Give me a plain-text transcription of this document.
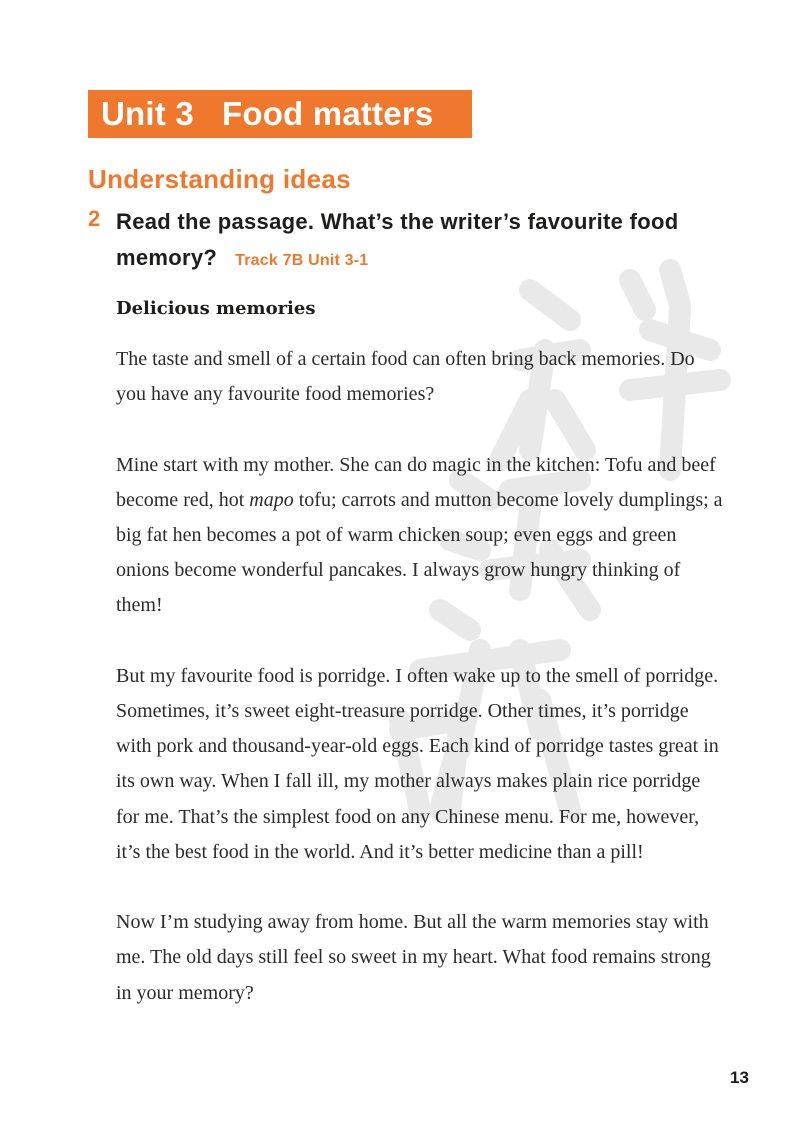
Unit 3   Food matters
Understanding ideas
2 Read the passage. What’s the writer’s favourite food memory? Track 7B Unit 3-1
Delicious memories

The taste and smell of a certain food can often bring back memories. Do you have any favourite food memories?

Mine start with my mother. She can do magic in the kitchen: Tofu and beef become red, hot mapo tofu; carrots and mutton become lovely dumplings; a big fat hen becomes a pot of warm chicken soup; even eggs and green onions become wonderful pancakes. I always grow hungry thinking of them!

But my favourite food is porridge. I often wake up to the smell of porridge. Sometimes, it’s sweet eight-treasure porridge. Other times, it’s porridge with pork and thousand-year-old eggs. Each kind of porridge tastes great in its own way. When I fall ill, my mother always makes plain rice porridge for me. That’s the simplest food on any Chinese menu. For me, however, it’s the best food in the world. And it’s better medicine than a pill!

Now I’m studying away from home. But all the warm memories stay with me. The old days still feel so sweet in my heart. What food remains strong in your memory?

13
